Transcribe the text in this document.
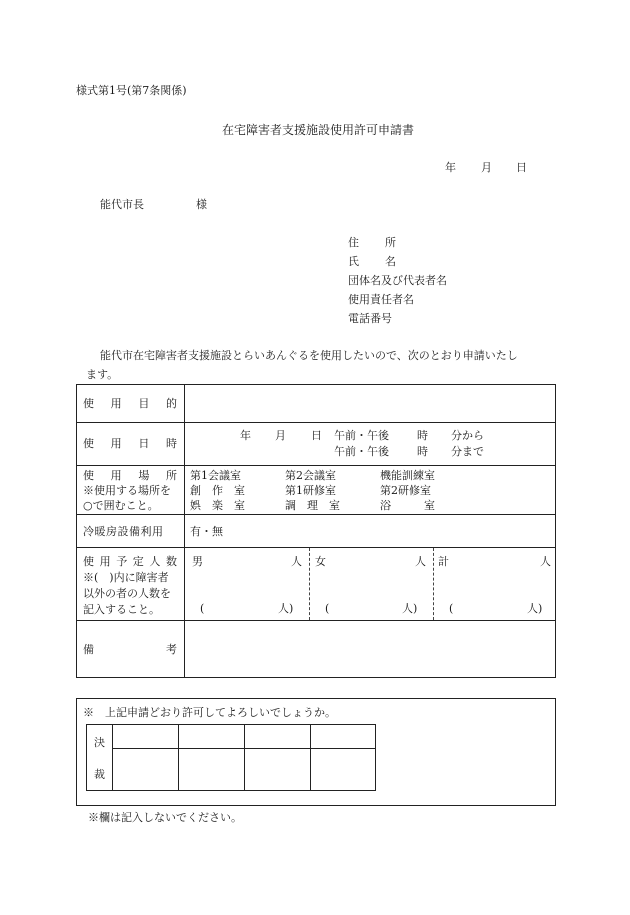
様式第1号(第7条関係)
在宅障害者支援施設使用許可申請書
年 月 日
能代市長	様
住 所
氏 名
団体名及び代表者名
使用責任者名
電話番号
能代市在宅障害者支援施設とらいあんぐるを使用したいので、次のとおり申請いたし
ます。
使 用 目 的
使 用 日 時
年 月 日 午前・午後	時 分から
午前・午後	時 分まで
使 用 場 所
※使用する場所を
○で囲むこと。
第1会議室	第2会議室	機能訓練室
創　作　室	第1研修室	第2研修室
娯　楽　室	調　理　室	浴　　　室
冷暖房設備利用 有・無
使 用 予 定 人 数
※(　)内に障害者
以外の者の人数を
記入すること。
男	人
(	人)
女	人
(	人)
計	人
(	人)
備	考
※　上記申請どおり許可してよろしいでしょうか。
決
裁
※欄は記入しないでください。
